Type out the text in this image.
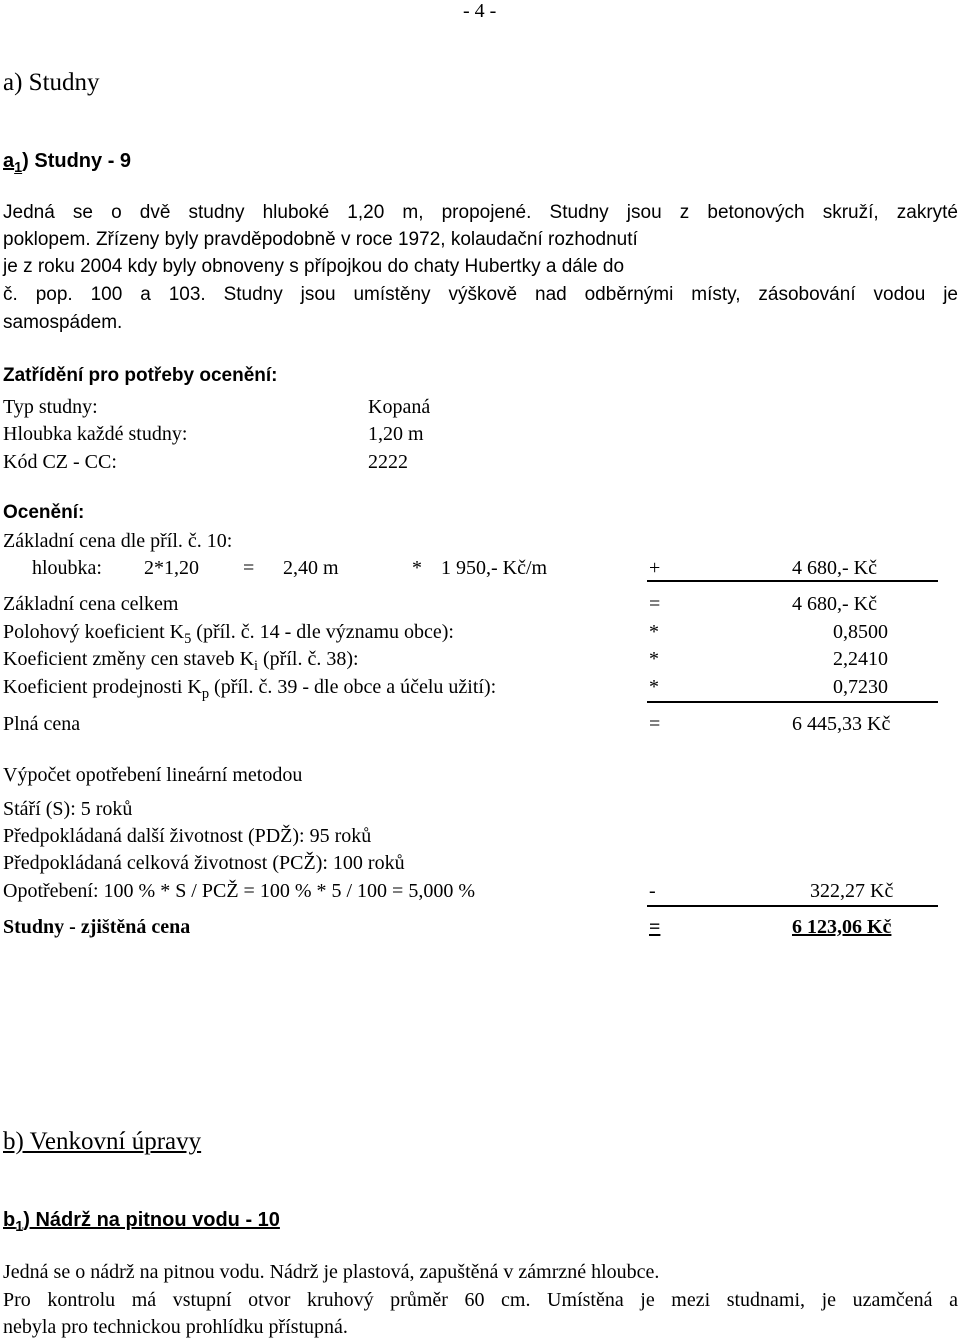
- 4 -
a) Studny
$a_1$) Studny - 9
Jedná se o dvě studny hluboké 1,20 m, propojené. Studny jsou z betonových skruží, zakryté
poklopem. Zřízeny byly pravděpodobně v roce 1972, kolaudační rozhodnutí
je z roku 2004 kdy byly obnoveny s přípojkou do chaty Hubertky a dále do
č. pop. 100 a 103. Studny jsou umístěny výškově nad odběrnými místy, zásobování vodou je
samospádem.
Zatřídění pro potřeby ocenění:
Typ studny:	Kopaná
Hloubka každé studny:	1,20 m
Kód CZ - CC:	2222
Ocenění:
Základní cena dle příl. č. 10:
hloubka: 2*1,20 = 2,40 m	* 1 950,- Kč/m	+	4 680,- Kč
Základní cena celkem	=	4 680,- Kč
Polohový koeficient $K_5$ (příl. č. 14 - dle významu obce):	*	0,8500
Koeficient změny cen staveb $K_i$ (příl. č. 38):	*	2,2410
Koeficient prodejnosti $K_p$ (příl. č. 39 - dle obce a účelu užití):	*	0,7230
Plná cena	=	6 445,33 Kč
Výpočet opotřebení lineární metodou
Stáří (S): 5 roků
Předpokládaná další životnost (PDŽ): 95 roků
Předpokládaná celková životnost (PCŽ): 100 roků
Opotřebení: 100 % * S / PCŽ = 100 % * 5 / 100 = 5,000 %	-	322,27 Kč
Studny - zjištěná cena	=	6 123,06 Kč
b) Venkovní úpravy
$b_1$) Nádrž na pitnou vodu - 10
Jedná se o nádrž na pitnou vodu. Nádrž je plastová, zapuštěná v zámrzné hloubce.
Pro kontrolu má vstupní otvor kruhový průměr 60 cm. Umístěna je mezi studnami, je uzamčená a
nebyla pro technickou prohlídku přístupná.
